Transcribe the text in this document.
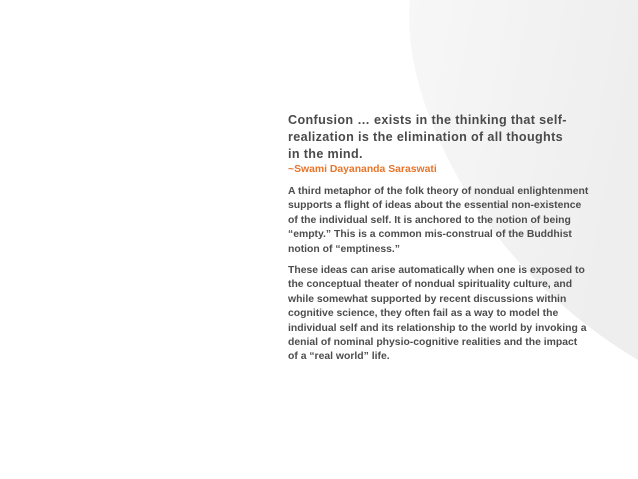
Confusion … exists in the thinking that self-
realization is the elimination of all thoughts
in the mind.

~Swami Dayananda Saraswati

A third metaphor of the folk theory of nondual enlightenment
supports a flight of ideas about the essential non-existence
of the individual self. It is anchored to the notion of being
“empty.” This is a common mis-construal of the Buddhist
notion of “emptiness.”

These ideas can arise automatically when one is exposed to
the conceptual theater of nondual spirituality culture, and
while somewhat supported by recent discussions within
cognitive science, they often fail as a way to model the
individual self and its relationship to the world by invoking a
denial of nominal physio-cognitive realities and the impact
of a “real world” life.
